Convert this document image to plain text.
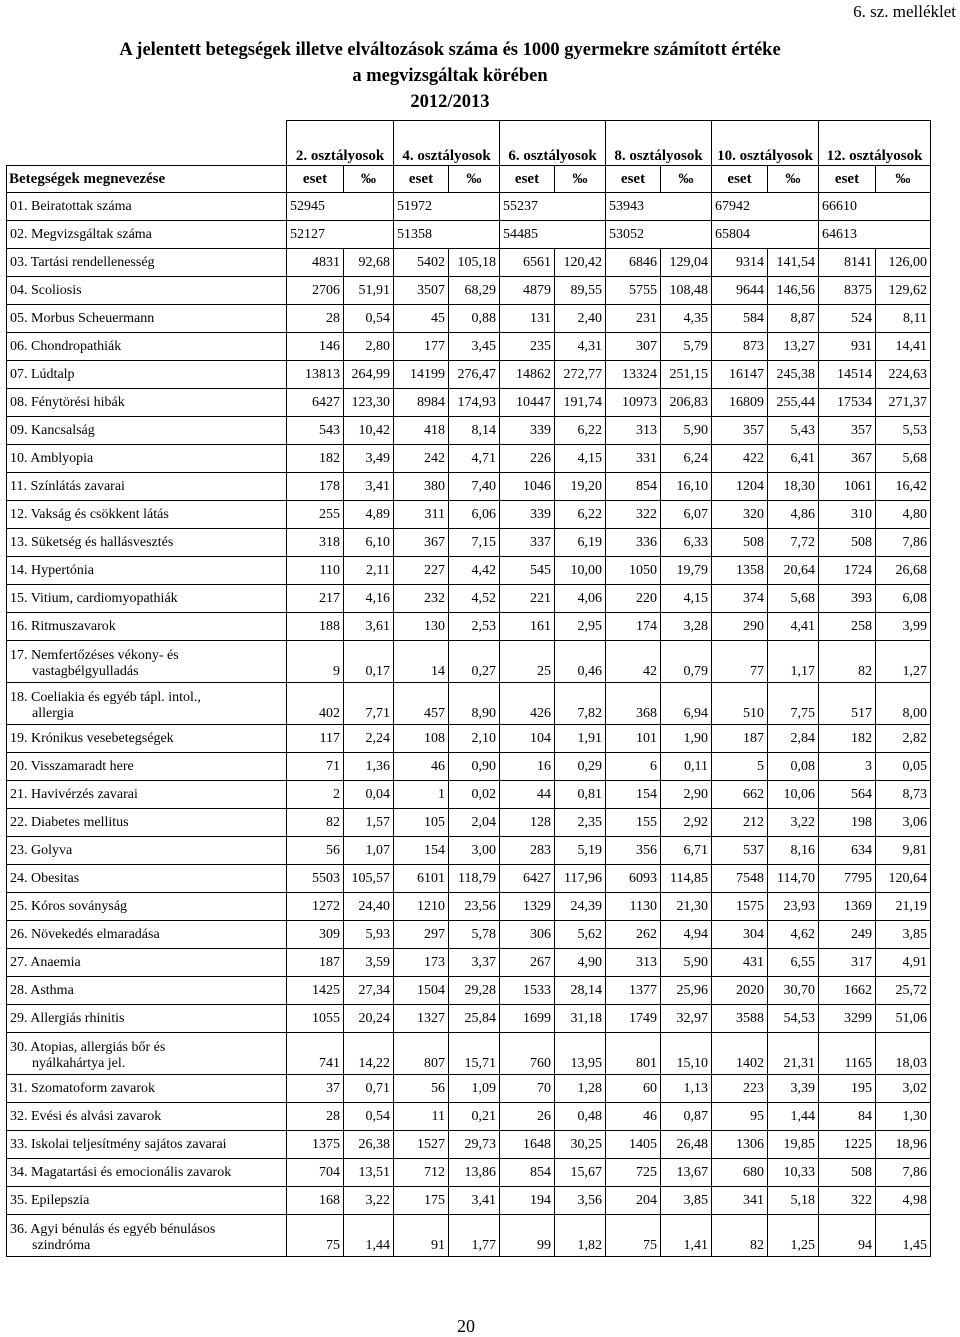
6. sz. melléklet
A jelentett betegségek illetve elváltozások száma és 1000 gyermekre számított értéke
a megvizsgáltak körében
2012/2013
	2. osztályosok		4. osztályosok		6. osztályosok		8. osztályosok		10. osztályosok		12. osztályosok	
Betegségek megnevezése	eset	‰	eset	‰	eset	‰	eset	‰	eset	‰	eset	‰
01. Beiratottak száma	52945		51972		55237		53943		67942		66610	
02. Megvizsgáltak száma	52127		51358		54485		53052		65804		64613	
03. Tartási rendellenesség	4831	92,68	5402	105,18	6561	120,42	6846	129,04	9314	141,54	8141	126,00
04. Scoliosis	2706	51,91	3507	68,29	4879	89,55	5755	108,48	9644	146,56	8375	129,62
05. Morbus Scheuermann	28	0,54	45	0,88	131	2,40	231	4,35	584	8,87	524	8,11
06. Chondropathiák	146	2,80	177	3,45	235	4,31	307	5,79	873	13,27	931	14,41
07. Lúdtalp	13813	264,99	14199	276,47	14862	272,77	13324	251,15	16147	245,38	14514	224,63
08. Fénytörési hibák	6427	123,30	8984	174,93	10447	191,74	10973	206,83	16809	255,44	17534	271,37
09. Kancsalság	543	10,42	418	8,14	339	6,22	313	5,90	357	5,43	357	5,53
10. Amblyopia	182	3,49	242	4,71	226	4,15	331	6,24	422	6,41	367	5,68
11. Színlátás zavarai	178	3,41	380	7,40	1046	19,20	854	16,10	1204	18,30	1061	16,42
12. Vakság és csökkent látás	255	4,89	311	6,06	339	6,22	322	6,07	320	4,86	310	4,80
13. Süketség és hallásvesztés	318	6,10	367	7,15	337	6,19	336	6,33	508	7,72	508	7,86
14. Hypertónia	110	2,11	227	4,42	545	10,00	1050	19,79	1358	20,64	1724	26,68
15. Vitium, cardiomyopathiák	217	4,16	232	4,52	221	4,06	220	4,15	374	5,68	393	6,08
16. Ritmuszavarok	188	3,61	130	2,53	161	2,95	174	3,28	290	4,41	258	3,99
17. Nemfertőzéses vékony- és
vastagbélgyulladás	9	0,17	14	0,27	25	0,46	42	0,79	77	1,17	82	1,27
18. Coeliakia és egyéb tápl. intol.,
allergia	402	7,71	457	8,90	426	7,82	368	6,94	510	7,75	517	8,00
19. Krónikus vesebetegségek	117	2,24	108	2,10	104	1,91	101	1,90	187	2,84	182	2,82
20. Visszamaradt here	71	1,36	46	0,90	16	0,29	6	0,11	5	0,08	3	0,05
21. Havivérzés zavarai	2	0,04	1	0,02	44	0,81	154	2,90	662	10,06	564	8,73
22. Diabetes mellitus	82	1,57	105	2,04	128	2,35	155	2,92	212	3,22	198	3,06
23. Golyva	56	1,07	154	3,00	283	5,19	356	6,71	537	8,16	634	9,81
24. Obesitas	5503	105,57	6101	118,79	6427	117,96	6093	114,85	7548	114,70	7795	120,64
25. Kóros soványság	1272	24,40	1210	23,56	1329	24,39	1130	21,30	1575	23,93	1369	21,19
26. Növekedés elmaradása	309	5,93	297	5,78	306	5,62	262	4,94	304	4,62	249	3,85
27. Anaemia	187	3,59	173	3,37	267	4,90	313	5,90	431	6,55	317	4,91
28. Asthma	1425	27,34	1504	29,28	1533	28,14	1377	25,96	2020	30,70	1662	25,72
29. Allergiás rhinitis	1055	20,24	1327	25,84	1699	31,18	1749	32,97	3588	54,53	3299	51,06
30. Atopias, allergiás bőr és
nyálkahártya jel.	741	14,22	807	15,71	760	13,95	801	15,10	1402	21,31	1165	18,03
31. Szomatoform zavarok	37	0,71	56	1,09	70	1,28	60	1,13	223	3,39	195	3,02
32. Evési és alvási zavarok	28	0,54	11	0,21	26	0,48	46	0,87	95	1,44	84	1,30
33. Iskolai teljesítmény sajátos zavarai	1375	26,38	1527	29,73	1648	30,25	1405	26,48	1306	19,85	1225	18,96
34. Magatartási és emocionális zavarok	704	13,51	712	13,86	854	15,67	725	13,67	680	10,33	508	7,86
35. Epilepszia	168	3,22	175	3,41	194	3,56	204	3,85	341	5,18	322	4,98
36. Agyi bénulás és egyéb bénulásos
szindróma	75	1,44	91	1,77	99	1,82	75	1,41	82	1,25	94	1,45
20
